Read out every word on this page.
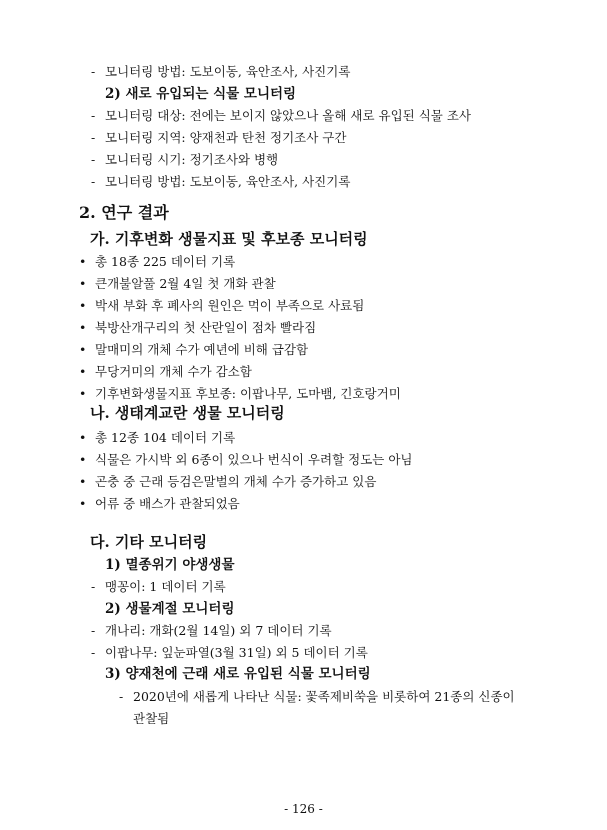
- 모니터링 방법: 도보이동, 육안조사, 사진기록
2) 새로 유입되는 식물 모니터링
- 모니터링 대상: 전에는 보이지 않았으나 올해 새로 유입된 식물 조사
- 모니터링 지역: 양재천과 탄천 정기조사 구간
- 모니터링 시기: 정기조사와 병행
- 모니터링 방법: 도보이동, 육안조사, 사진기록
2. 연구 결과
가. 기후변화 생물지표 및 후보종 모니터링
• 총 18종 225 데이터 기록
• 큰개불알풀 2월 4일 첫 개화 관찰
• 박새 부화 후 폐사의 원인은 먹이 부족으로 사료됨
• 북방산개구리의 첫 산란일이 점차 빨라짐
• 말매미의 개체 수가 예년에 비해 급감함
• 무당거미의 개체 수가 감소함
• 기후변화생물지표 후보종: 이팝나무, 도마뱀, 긴호랑거미
나. 생태계교란 생물 모니터링
• 총 12종 104 데이터 기록
• 식물은 가시박 외 6종이 있으나 번식이 우려할 정도는 아님
• 곤충 중 근래 등검은말벌의 개체 수가 증가하고 있음
• 어류 중 배스가 관찰되었음
다. 기타 모니터링
1) 멸종위기 야생생물
- 맹꽁이: 1 데이터 기록
2) 생물계절 모니터링
- 개나리: 개화(2월 14일) 외 7 데이터 기록
- 이팝나무: 잎눈파열(3월 31일) 외 5 데이터 기록
3) 양재천에 근래 새로 유입된 식물 모니터링
- 2020년에 새롭게 나타난 식물: 꽃족제비쑥을 비롯하여 21종의 신종이
관찰됨
- 126 -
